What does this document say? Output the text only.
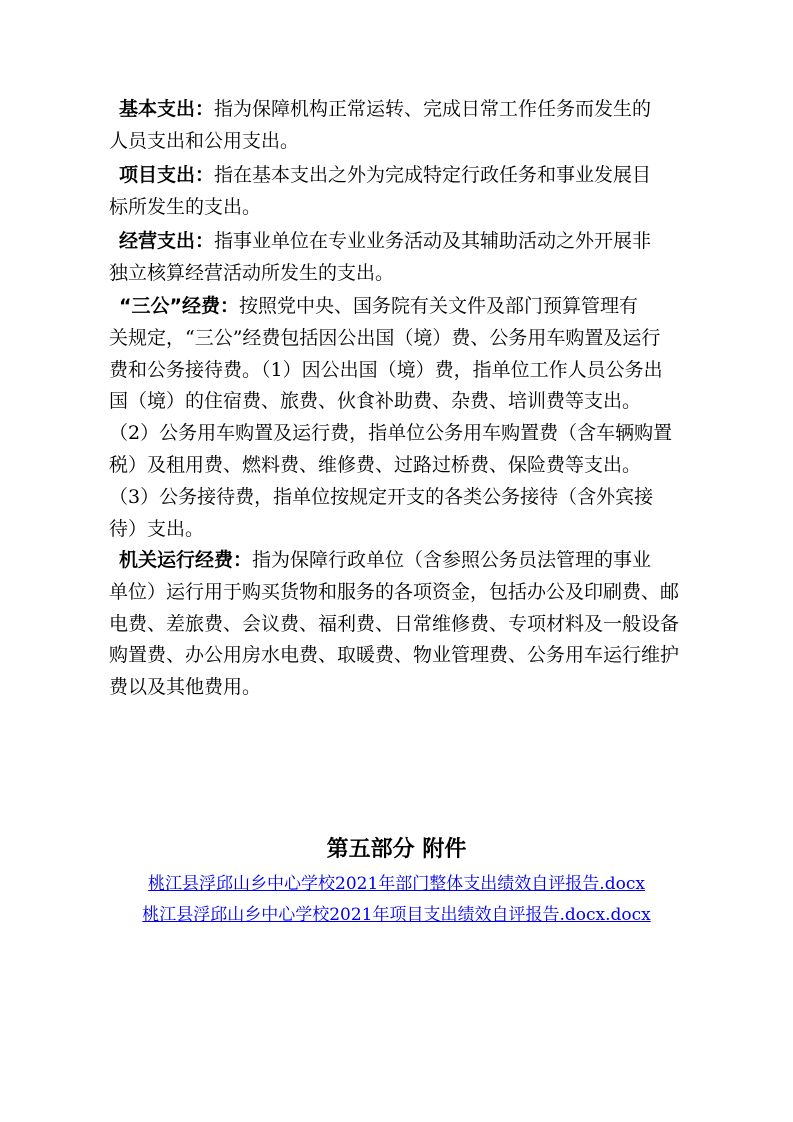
基本支出：指为保障机构正常运转、完成日常工作任务而发生的
人员支出和公用支出。
项目支出：指在基本支出之外为完成特定行政任务和事业发展目
标所发生的支出。
经营支出：指事业单位在专业业务活动及其辅助活动之外开展非
独立核算经营活动所发生的支出。
“三公”经费：按照党中央、国务院有关文件及部门预算管理有
关规定，“三公”经费包括因公出国（境）费、公务用车购置及运行
费和公务接待费。（1）因公出国（境）费，指单位工作人员公务出
国（境）的住宿费、旅费、伙食补助费、杂费、培训费等支出。
（2）公务用车购置及运行费，指单位公务用车购置费（含车辆购置
税）及租用费、燃料费、维修费、过路过桥费、保险费等支出。
（3）公务接待费，指单位按规定开支的各类公务接待（含外宾接
待）支出。
机关运行经费：指为保障行政单位（含参照公务员法管理的事业
单位）运行用于购买货物和服务的各项资金，包括办公及印刷费、邮
电费、差旅费、会议费、福利费、日常维修费、专项材料及一般设备
购置费、办公用房水电费、取暖费、物业管理费、公务用车运行维护
费以及其他费用。
第五部分 附件
桃江县浮邱山乡中心学校2021年部门整体支出绩效自评报告.docx
桃江县浮邱山乡中心学校2021年项目支出绩效自评报告.docx.docx
